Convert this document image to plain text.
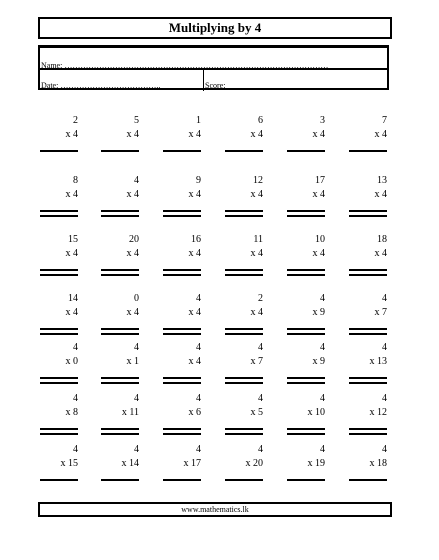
Multiplying by 4
Name: ………………………………………………………………………………………
Date: ………………………………..	Score:
2
x 4
5
x 4
1
x 4
6
x 4
3
x 4
7
x 4
8
x 4
4
x 4
9
x 4
12
x 4
17
x 4
13
x 4
15
x 4
20
x 4
16
x 4
11
x 4
10
x 4
18
x 4
14
x 4
0
x 4
4
x 4
2
x 4
4
x 9
4
x 7
4
x 0
4
x 1
4
x 4
4
x 7
4
x 9
4
x 13
4
x 8
4
x 11
4
x 6
4
x 5
4
x 10
4
x 12
4
x 15
4
x 14
4
x 17
4
x 20
4
x 19
4
x 18
www.mathematics.lk
